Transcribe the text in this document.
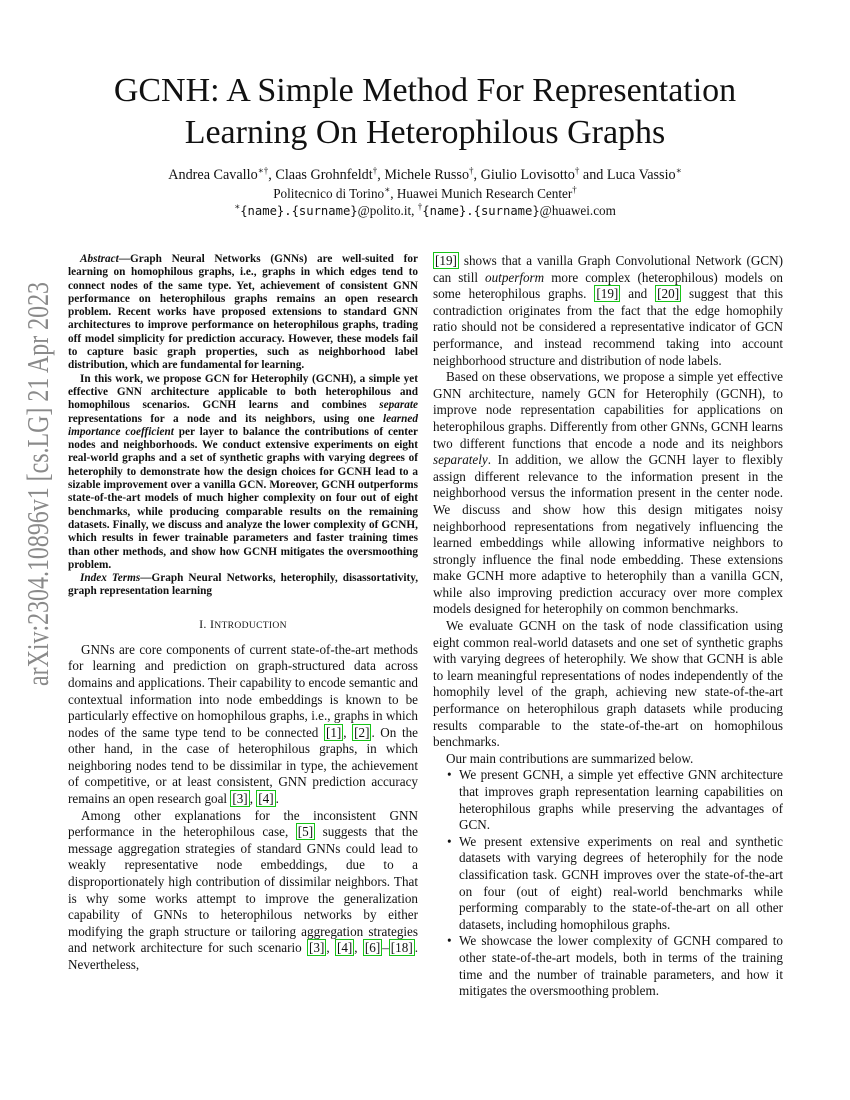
arXiv:2304.10896v1 [cs.LG] 21 Apr 2023
GCNH: A Simple Method For Representation
Learning On Heterophilous Graphs
Andrea Cavallo∗†, Claas Grohnfeldt†, Michele Russo†, Giulio Lovisotto† and Luca Vassio∗
Politecnico di Torino∗, Huawei Munich Research Center†
∗{name}.{surname}@polito.it, †{name}.{surname}@huawei.com

Abstract—Graph Neural Networks (GNNs) are well-suited for learning on homophilous graphs, i.e., graphs in which edges tend to connect nodes of the same type. Yet, achievement of consistent GNN performance on heterophilous graphs remains an open research problem. Recent works have proposed extensions to standard GNN architectures to improve performance on heterophilous graphs, trading off model simplicity for prediction accuracy. However, these models fail to capture basic graph properties, such as neighborhood label distribution, which are fundamental for learning.

In this work, we propose GCN for Heterophily (GCNH), a simple yet effective GNN architecture applicable to both heterophilous and homophilous scenarios. GCNH learns and combines separate representations for a node and its neighbors, using one learned importance coefficient per layer to balance the contributions of center nodes and neighborhoods. We conduct extensive experiments on eight real-world graphs and a set of synthetic graphs with varying degrees of heterophily to demonstrate how the design choices for GCNH lead to a sizable improvement over a vanilla GCN. Moreover, GCNH outperforms state-of-the-art models of much higher complexity on four out of eight benchmarks, while producing comparable results on the remaining datasets. Finally, we discuss and analyze the lower complexity of GCNH, which results in fewer trainable parameters and faster training times than other methods, and show how GCNH mitigates the oversmoothing problem.

Index Terms—Graph Neural Networks, heterophily, disassortativity, graph representation learning

I. INTRODUCTION

GNNs are core components of current state-of-the-art methods for learning and prediction on graph-structured data across domains and applications. Their capability to encode semantic and contextual information into node embeddings is known to be particularly effective on homophilous graphs, i.e., graphs in which nodes of the same type tend to be connected [1] , [2] . On the other hand, in the case of heterophilous graphs, in which neighboring nodes tend to be dissimilar in type, the achievement of competitive, or at least consistent, GNN prediction accuracy remains an open research goal [3] , [4] .

Among other explanations for the inconsistent GNN performance in the heterophilous case, [5] suggests that the message aggregation strategies of standard GNNs could lead to weakly representative node embeddings, due to a disproportionately high contribution of dissimilar neighbors. That is why some works attempt to improve the generalization capability of GNNs to heterophilous networks by either modifying the graph structure or tailoring aggregation strategies and network architecture for such scenario [3] , [4] , [6] – [18] . Nevertheless,

[19] shows that a vanilla Graph Convolutional Network (GCN) can still outperform more complex (heterophilous) models on some heterophilous graphs. [19] and [20] suggest that this contradiction originates from the fact that the edge homophily ratio should not be considered a representative indicator of GCN performance, and instead recommend taking into account neighborhood structure and distribution of node labels.

Based on these observations, we propose a simple yet effective GNN architecture, namely GCN for Heterophily (GCNH), to improve node representation capabilities for applications on heterophilous graphs. Differently from other GNNs, GCNH learns two different functions that encode a node and its neighbors separately. In addition, we allow the GCNH layer to flexibly assign different relevance to the information present in the neighborhood versus the information present in the center node. We discuss and show how this design mitigates noisy neighborhood representations from negatively influencing the learned embeddings while allowing informative neighbors to strongly influence the final node embedding. These extensions make GCNH more adaptive to heterophily than a vanilla GCN, while also improving prediction accuracy over more complex models designed for heterophily on common benchmarks.

We evaluate GCNH on the task of node classification using eight common real-world datasets and one set of synthetic graphs with varying degrees of heterophily. We show that GCNH is able to learn meaningful representations of nodes independently of the homophily level of the graph, achieving new state-of-the-art performance on heterophilous graph datasets while producing results comparable to the state-of-the-art on homophilous benchmarks.

Our main contributions are summarized below.

• We present GCNH, a simple yet effective GNN architecture that improves graph representation learning capabilities on heterophilous graphs while preserving the advantages of GCN.
• We present extensive experiments on real and synthetic datasets with varying degrees of heterophily for the node classification task. GCNH improves over the state-of-the-art on four (out of eight) real-world benchmarks while performing comparably to the state-of-the-art on all other datasets, including homophilous graphs.
• We showcase the lower complexity of GCNH compared to other state-of-the-art models, both in terms of the training time and the number of trainable parameters, and how it mitigates the oversmoothing problem.
